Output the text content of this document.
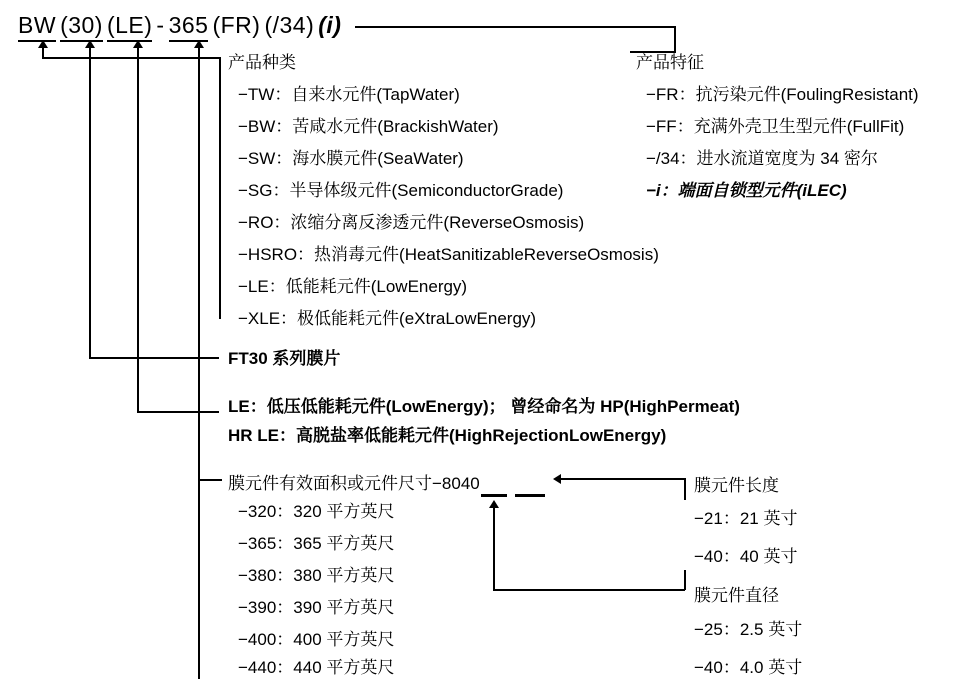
BW (30) (LE) - 365 (FR) (/34) (i)
产品种类
−TW：自来水元件(TapWater)
−BW：苦咸水元件(BrackishWater)
−SW：海水膜元件(SeaWater)
−SG：半导体级元件(SemiconductorGrade)
−RO：浓缩分离反渗透元件(ReverseOsmosis)
−HSRO：热消毒元件(HeatSanitizableReverseOsmosis)
−LE：低能耗元件(LowEnergy)
−XLE：极低能耗元件(eXtraLowEnergy)
产品特征
−FR：抗污染元件(FoulingResistant)
−FF：充满外壳卫生型元件(FullFit)
−/34：进水流道宽度为 34 密尔
−i：端面自锁型元件(iLEC)
FT30 系列膜片
LE：低压低能耗元件(LowEnergy)； 曾经命名为 HP(HighPermeat)
HR LE：高脱盐率低能耗元件(HighRejectionLowEnergy)
膜元件有效面积或元件尺寸−8040
−320：320 平方英尺
−365：365 平方英尺
−380：380 平方英尺
−390：390 平方英尺
−400：400 平方英尺
−440：440 平方英尺
膜元件长度
−21：21 英寸
−40：40 英寸
膜元件直径
−25：2.5 英寸
−40：4.0 英寸
